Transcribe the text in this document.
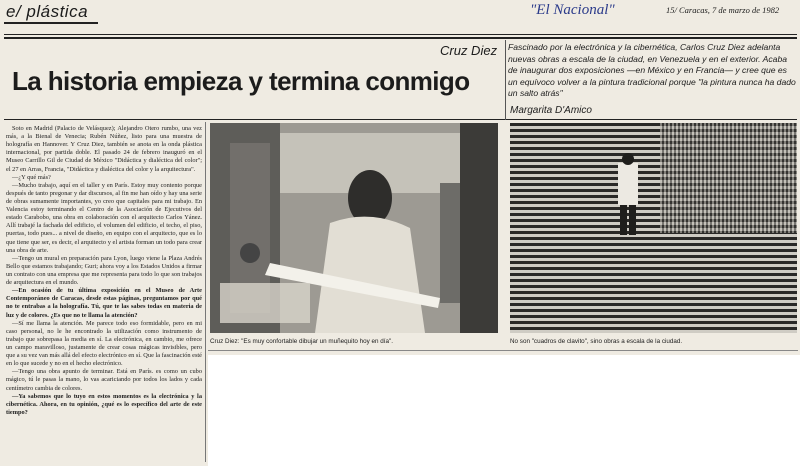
e/ plástica	"El Nacional"	15/ Caracas, 7 de marzo de 1982
Cruz Diez
La historia empieza y termina conmigo
Fascinado por la electrónica y la cibernética, Carlos Cruz Diez adelanta nuevas obras a escala de la ciudad, en Venezuela y en el exterior. Acaba de inaugurar dos exposiciones —en México y en Francia— y cree que es un equívoco volver a la pintura tradicional porque "la pintura nunca ha dado un salto atrás"
Margarita D'Amico

Soto en Madrid (Palacio de Velásquez); Alejandro Otero rumbo, una vez más, a la Bienal de Venecia; Rubén Núñez, listo para una muestra de holografía en Hannover. Y Cruz Diez, también se anota en la onda plástica internacional, por partida doble. El pasado 24 de febrero inauguró en el Museo Carrillo Gil de Ciudad de México "Didáctica y dialéctica del color"; el 27 en Arras, Francia, "Didáctica y dialéctica del color y la arquitectura".

—¿Y qué más?

—Mucho trabajo, aquí en el taller y en París. Estoy muy contento porque después de tanto pregonar y dar discursos, al fin me han oído y hay una serie de obras sumamente importantes, yo creo que capitales para mi trabajo. En Valencia estoy terminando el Centro de la Asociación de Ejecutivos del estado Carabobo, una obra en colaboración con el arquitecto Carlos Yánez. Allí trabajé la fachada del edificio, el volumen del edificio, el techo, el piso, puertas, todo pues... a nivel de diseño, en equipo con el arquitecto, que es lo que tiene que ser, es decir, el arquitecto y el artista forman un todo para crear una obra de arte.

—Tengo un mural en preparación para Lyon, luego viene la Plaza Andrés Bello que estamos trabajando; Guri; ahora voy a los Estados Unidos a firmar un contrato con una empresa que me representa para todo lo que son trabajos de arquitectura en el mundo.

—En ocasión de tu última exposición en el Museo de Arte Contemporáneo de Caracas, desde estas páginas, preguntamos por qué no te entrabas a la holografía. Tú, que te las sabes todas en materia de luz y de colores. ¿Es que no te llama la atención?

—Sí me llama la atención. Me parece todo eso formidable, pero en mi caso personal, no le he encontrado la utilización como instrumento de trabajo que sobrepasa la media en sí. La electrónica, en cambio, me ofrece un campo maravilloso, justamente de crear cosas mágicas invisibles, pero que a su vez van más allá del efecto electrónico en sí. Que la fascinación esté en lo que sucede y no en el hecho electrónico.

—Tengo una obra apunto de terminar. Está en París. es como un cubo mágico, tú le pasas la mano, lo vas acariciando por todos los lados y cada centímetro cambia de colores.

—Ya sabemos que lo tuyo en estos momentos es la electrónica y la cibernética. Ahora, en tu opinión, ¿qué es lo específico del arte de este tiempo?

Cruz Diez: "Es muy confortable dibujar un muñequito hoy en día".	No son "cuadros de clavito", sino obras a escala de la ciudad.
